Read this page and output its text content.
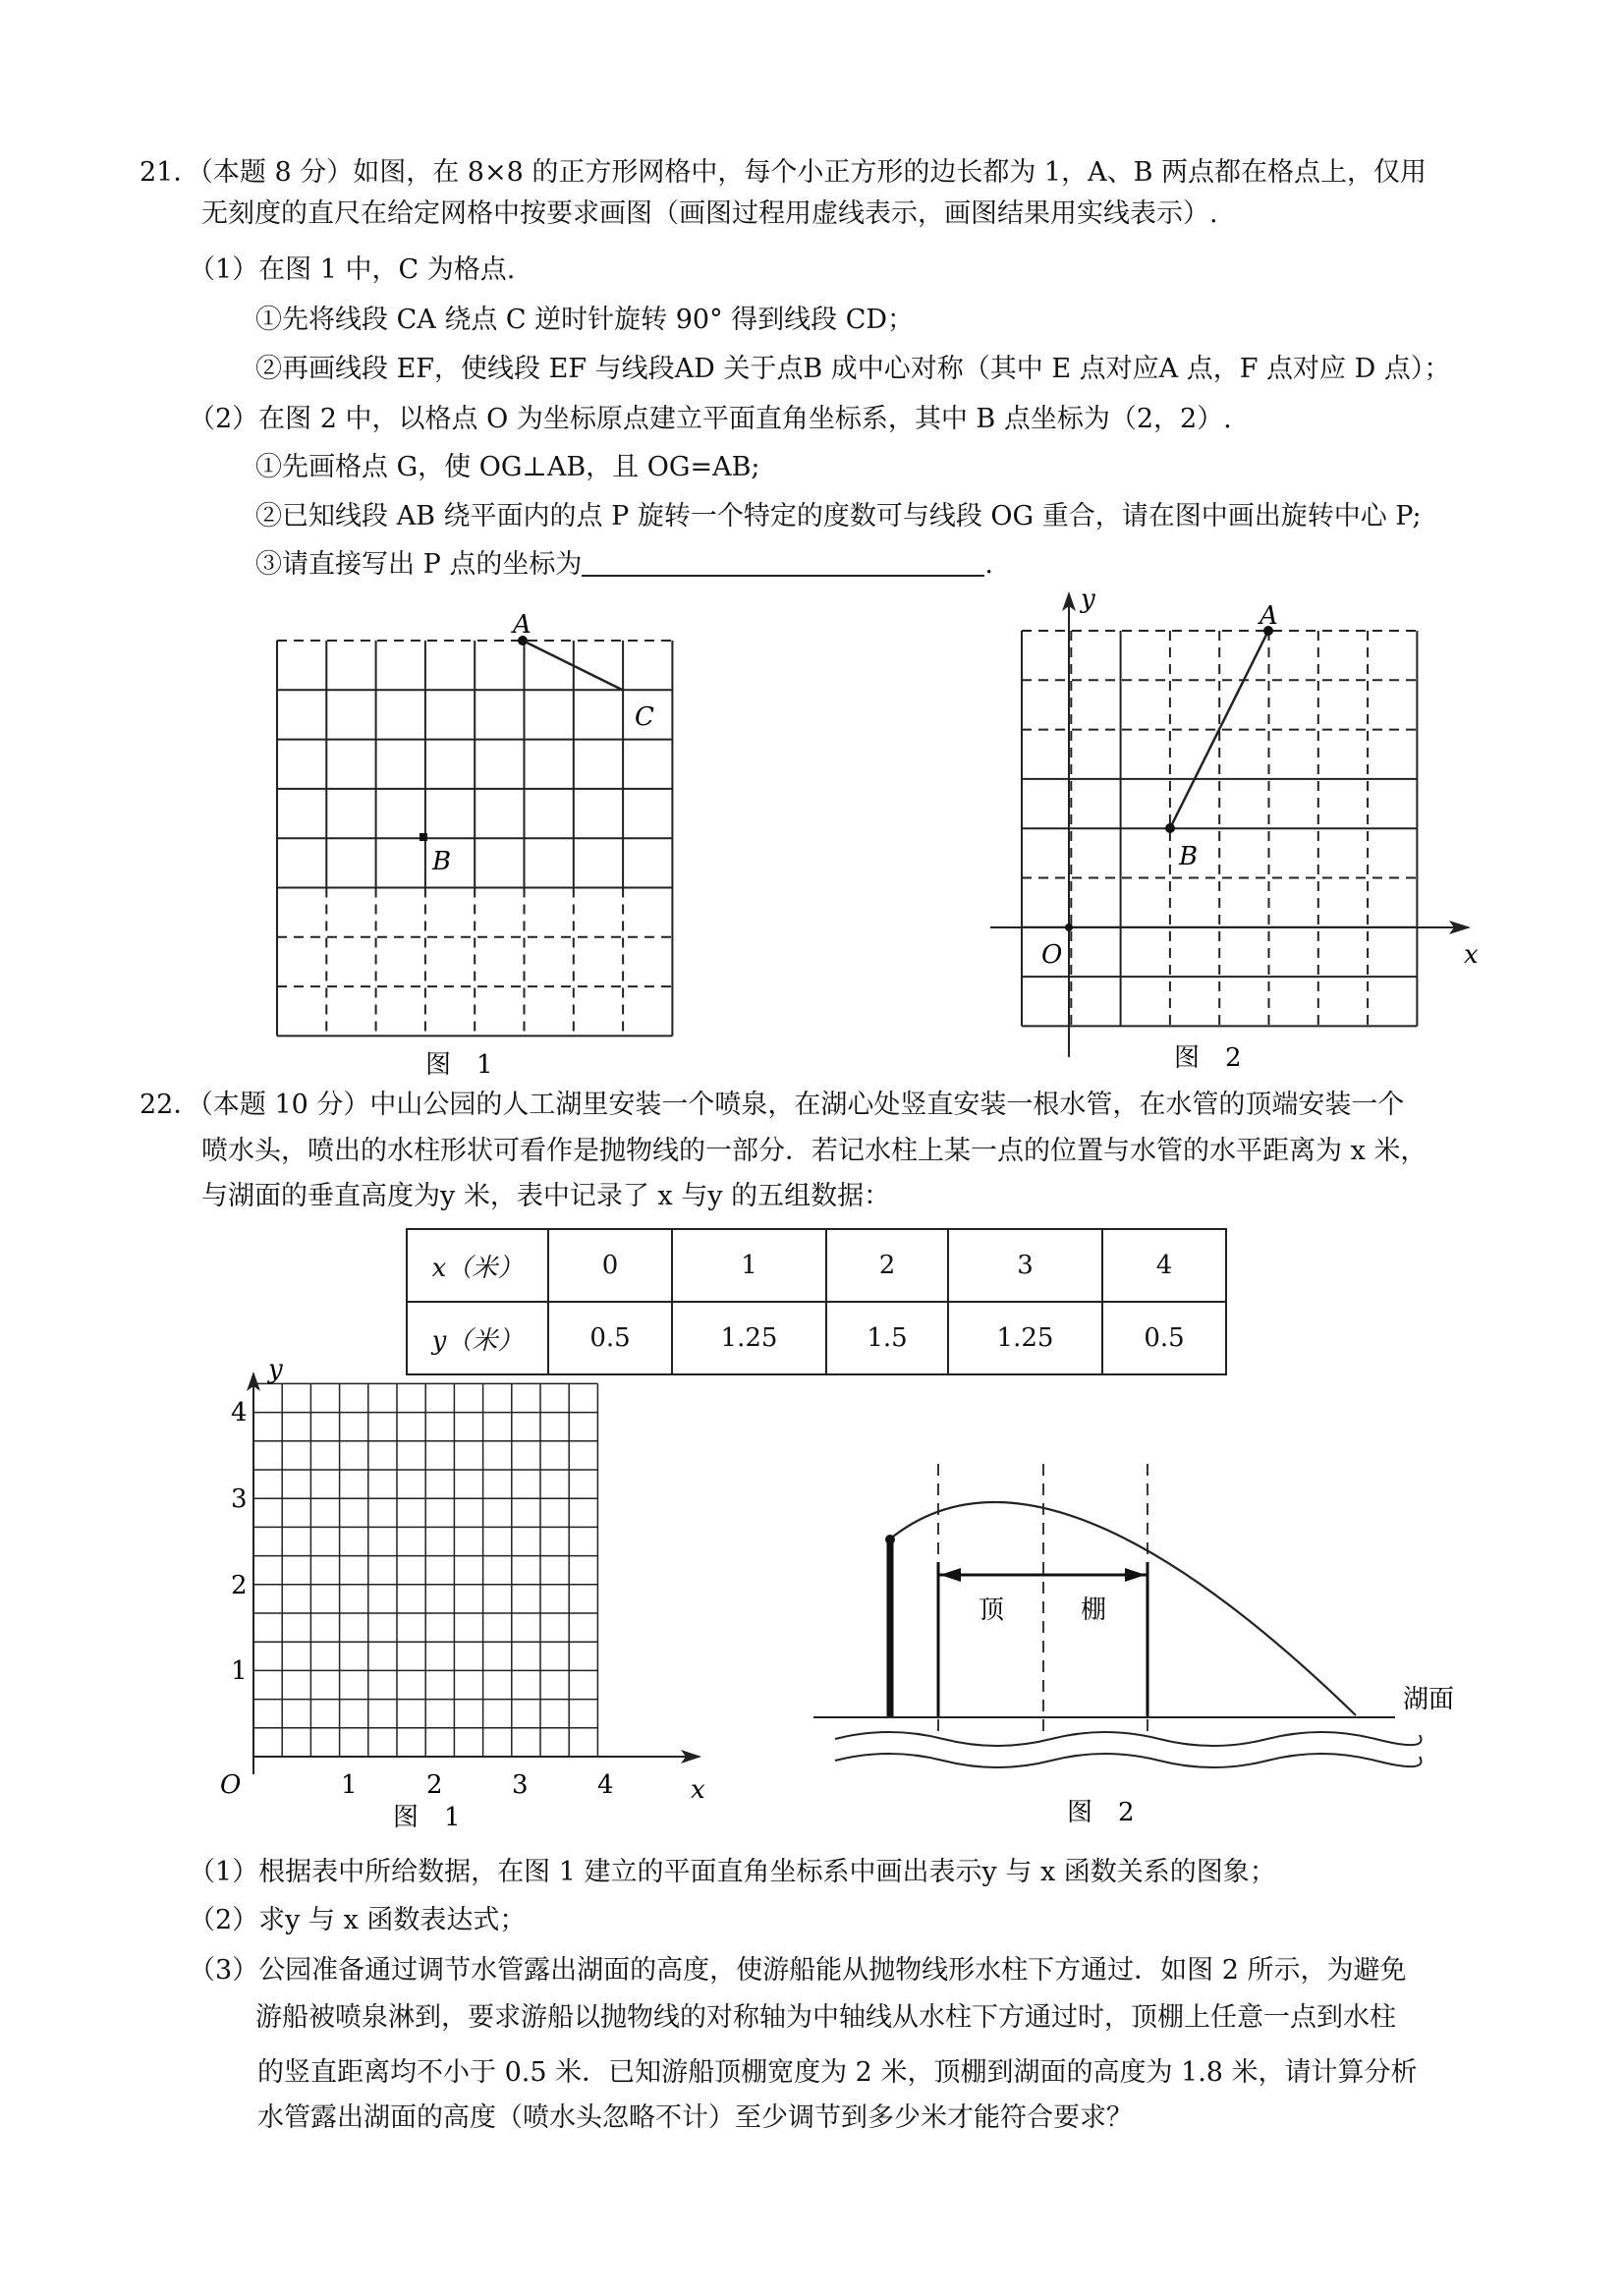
21．（本题 8 分）如图，在 8×8 的正方形网格中，每个小正方形的边长都为 1，A、B 两点都在格点上，仅用
无刻度的直尺在给定网格中按要求画图（画图过程用虚线表示，画图结果用实线表示）.
（1）在图 1 中，C 为格点.
①先将线段 CA 绕点 C 逆时针旋转 90° 得到线段 CD；
②再画线段 EF，使线段 EF 与线段AD 关于点B 成中心对称（其中 E 点对应A 点，F 点对应 D 点）；
（2）在图 2 中，以格点 O 为坐标原点建立平面直角坐标系，其中 B 点坐标为（2，2）.
①先画格点 G，使 OG⊥AB，且 OG=AB;
②已知线段 AB 绕平面内的点 P 旋转一个特定的度数可与线段 OG 重合，请在图中画出旋转中心 P;
③请直接写出 P 点的坐标为	.
A
B
C
图　1
A
B
O	x
y
图　2
22．（本题 10 分）中山公园的人工湖里安装一个喷泉，在湖心处竖直安装一根水管，在水管的顶端安装一个
喷水头，喷出的水柱形状可看作是抛物线的一部分．若记水柱上某一点的位置与水管的水平距离为 x 米，
与湖面的垂直高度为y 米，表中记录了 x 与y 的五组数据：
x（米）	0	1	2	3	4
y（米）	0.5	1.25	1.5	1.25	0.5
O	x
y
1	2	3	4
1
2
3
4
图　1
顶	棚
湖面
图　2
（1）根据表中所给数据，在图 1 建立的平面直角坐标系中画出表示y 与 x 函数关系的图象；
（2）求y 与 x 函数表达式；
（3）公园准备通过调节水管露出湖面的高度，使游船能从抛物线形水柱下方通过．如图 2 所示，为避免
游船被喷泉淋到，要求游船以抛物线的对称轴为中轴线从水柱下方通过时，顶棚上任意一点到水柱
的竖直距离均不小于 0.5 米．已知游船顶棚宽度为 2 米，顶棚到湖面的高度为 1.8 米，请计算分析
水管露出湖面的高度（喷水头忽略不计）至少调节到多少米才能符合要求？
